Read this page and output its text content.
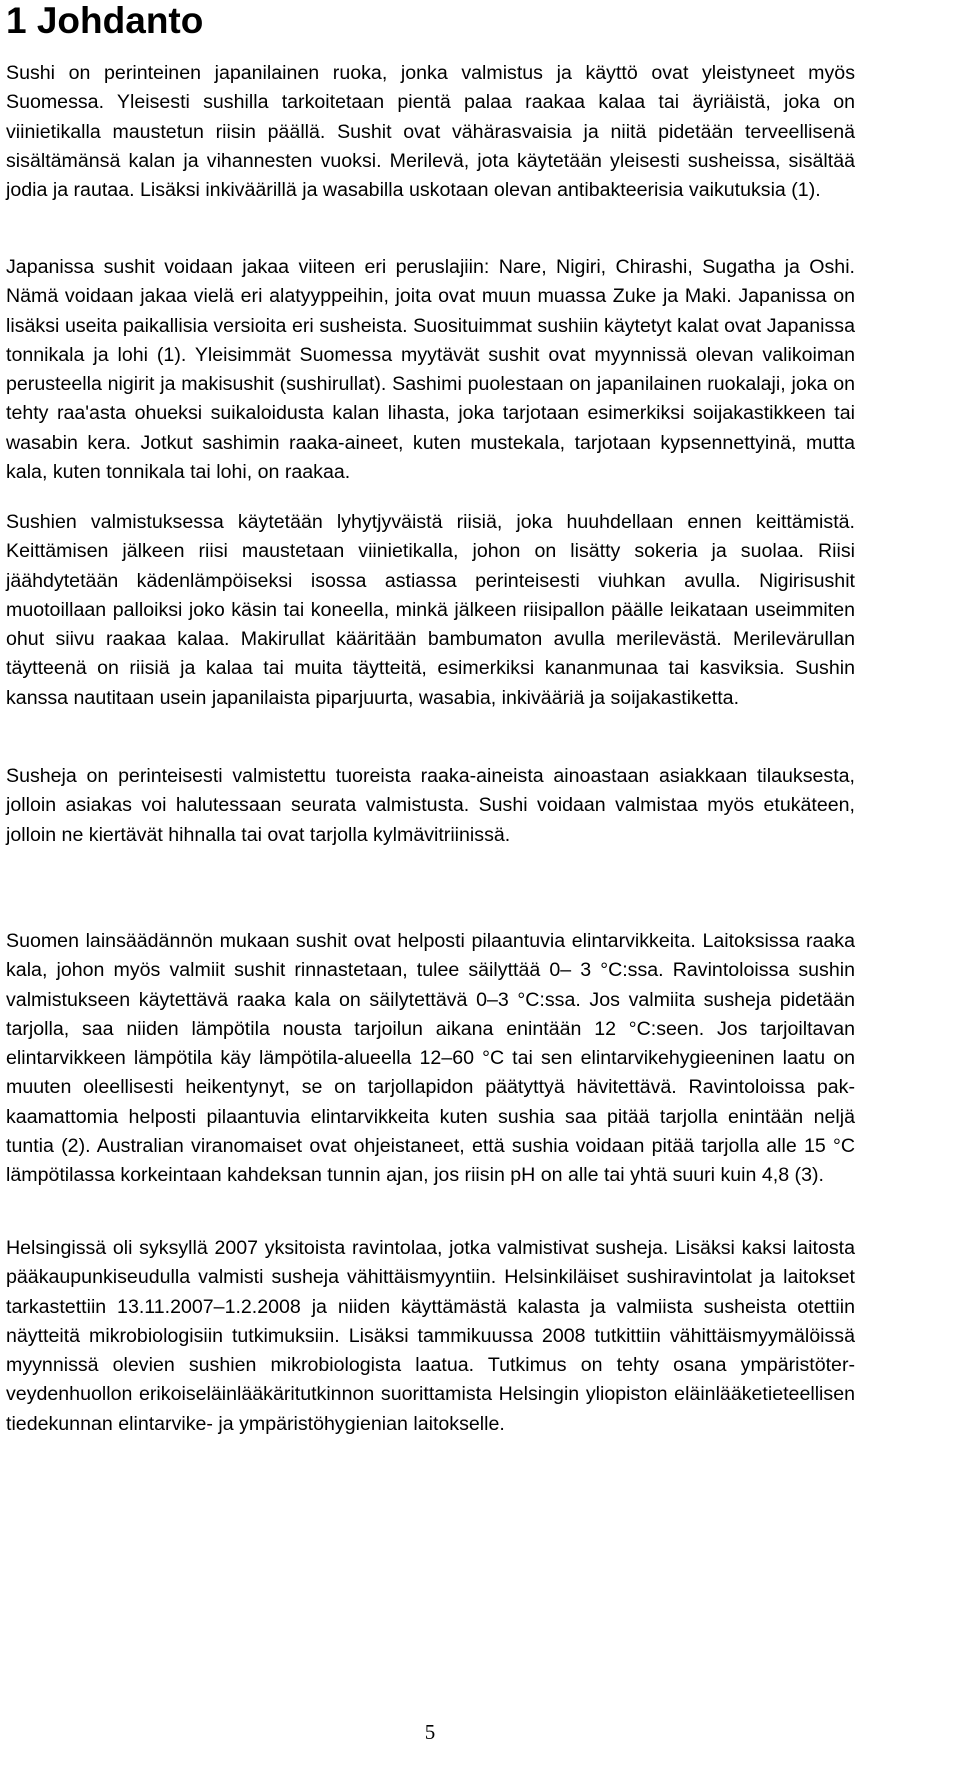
1 Johdanto

Sushi on perinteinen japanilainen ruoka, jonka valmistus ja käyttö ovat yleistyneet myös Suomessa. Yleisesti sushilla tarkoitetaan pientä palaa raakaa kalaa tai äyriäistä, joka on viinietikalla maustetun riisin päällä. Sushit ovat vähärasvaisia ja niitä pidetään terveellisenä sisältämänsä kalan ja vihannesten vuoksi. Merilevä, jota käytetään yleisesti susheissa, sisältää jodia ja rautaa. Lisäksi inkiväärillä ja wasabilla uskotaan olevan antibakteerisia vaikutuksia (1).

Japanissa sushit voidaan jakaa viiteen eri peruslajiin: Nare, Nigiri, Chirashi, Sugatha ja Oshi. Nämä voidaan jakaa vielä eri alatyyppeihin, joita ovat muun muassa Zuke ja Maki. Japanissa on lisäksi useita paikallisia versioita eri susheista. Suosituimmat sushiin käytetyt kalat ovat Japanissa tonnikala ja lohi (1). Yleisimmät Suomessa myytävät sushit ovat myynnissä olevan valikoiman perusteella nigirit ja makisushit (sushirullat). Sashimi puolestaan on japanilainen ruokalaji, joka on tehty raa'asta ohueksi suikaloidusta kalan lihasta, joka tarjotaan esimerkiksi soijakastikkeen tai wasabin kera. Jotkut sashimin raaka-aineet, kuten mustekala, tarjotaan kypsennettyinä, mutta kala, kuten tonnikala tai lohi, on raakaa.

Sushien valmistuksessa käytetään lyhytjyväistä riisiä, joka huuhdellaan ennen keittämistä. Keittämisen jälkeen riisi maustetaan viinietikalla, johon on lisätty sokeria ja suolaa. Riisi jäähdytetään kädenlämpöiseksi isossa astiassa perinteisesti viuhkan avulla. Nigirisushit muotoillaan palloiksi joko käsin tai koneella, minkä jälkeen riisipallon päälle leikataan useimmiten ohut siivu raakaa kalaa. Makirullat kääritään bambumaton avulla merilevästä. Merilevärullan täytteenä on riisiä ja kalaa tai muita täytteitä, esimerkiksi kananmunaa tai kasviksia. Sushin kanssa nautitaan usein japanilaista piparjuurta, wasabia, inkivääriä ja soijakastiketta.

Susheja on perinteisesti valmistettu tuoreista raaka-aineista ainoastaan asiakkaan tilauksesta, jolloin asiakas voi halutessaan seurata valmistusta. Sushi voidaan valmistaa myös etukäteen, jolloin ne kiertävät hihnalla tai ovat tarjolla kylmävitriinissä.

Suomen lainsäädännön mukaan sushit ovat helposti pilaantuvia elintarvikkeita. Laitoksissa raaka kala, johon myös valmiit sushit rinnastetaan, tulee säilyttää 0– 3 °C:ssa. Ravintoloissa sushin valmistukseen käytettävä raaka kala on säilytettävä 0–3 °C:ssa. Jos valmiita susheja pidetään tarjolla, saa niiden lämpötila nousta tarjoilun aikana enintään 12 °C:seen. Jos tarjoiltavan elintarvikkeen lämpötila käy lämpötila-alueella 12–60 °C tai sen elintarvikehygieeninen laatu on muuten oleellisesti heikentynyt, se on tarjollapidon päätyttyä hävitettävä. Ravintoloissa pakkaamattomia helposti pilaantuvia elintarvikkeita kuten sushia saa pitää tarjolla enintään neljä tuntia (2). Australian viranomaiset ovat ohjeistaneet, että sushia voidaan pitää tarjolla alle 15 °C lämpötilassa korkeintaan kahdeksan tunnin ajan, jos riisin pH on alle tai yhtä suuri kuin 4,8 (3).

Helsingissä oli syksyllä 2007 yksitoista ravintolaa, jotka valmistivat susheja. Lisäksi kaksi laitosta pääkaupunkiseudulla valmisti susheja vähittäismyyntiin. Helsinkiläiset sushiravintolat ja laitokset tarkastettiin 13.11.2007–1.2.2008 ja niiden käyttämästä kalasta ja valmiista susheista otettiin näytteitä mikrobiologisiin tutkimuksiin. Lisäksi tammikuussa 2008 tutkittiin vähittäismyymälöissä myynnissä olevien sushien mikrobiologista laatua. Tutkimus on tehty osana ympäristöterveydenhuollon erikoiseläinlääkäritutkinnon suorittamista Helsingin yliopiston eläinlääketieteellisen tiedekunnan elintarvike- ja ympäristöhygienian laitokselle.

5
